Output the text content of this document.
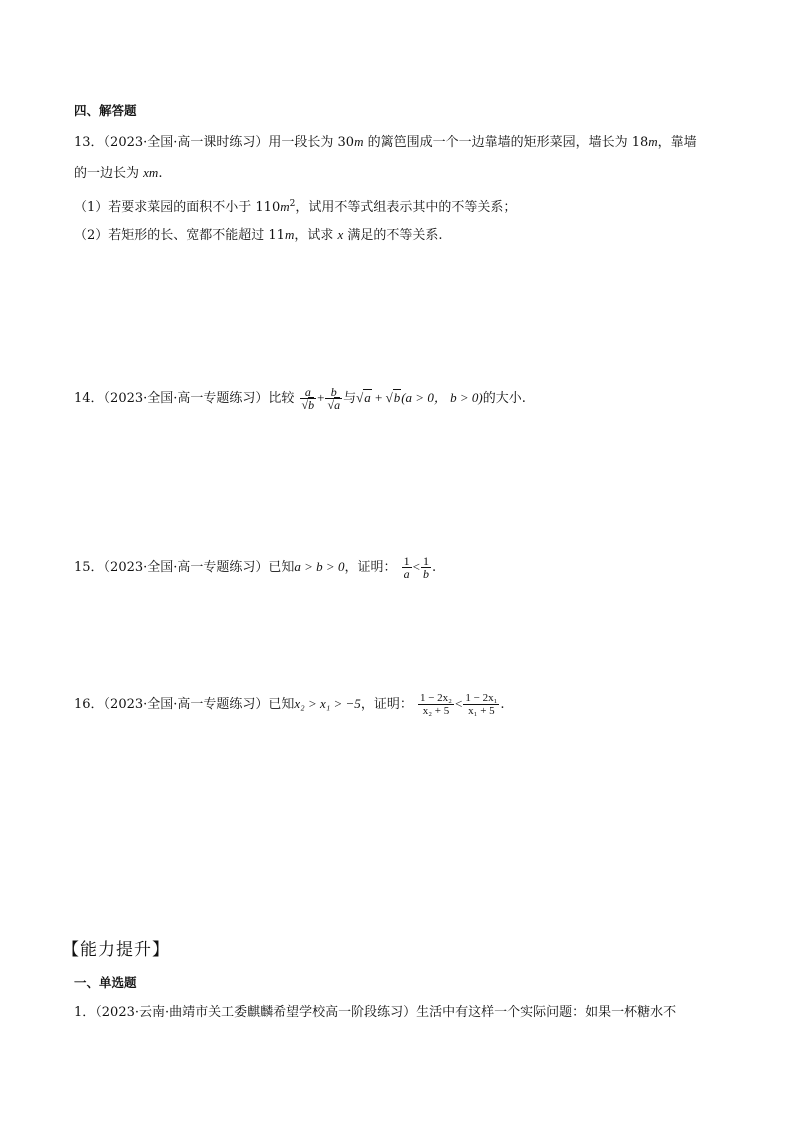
四、解答题
13．（2023·全国·高一课时练习）用一段长为 30m 的篱笆围成一个一边靠墙的矩形菜园，墙长为 18m，靠墙
的一边长为 xm.
（1）若要求菜园的面积不小于 $110m^2$，试用不等式组表示其中的不等关系；
（2）若矩形的长、宽都不能超过 11m，试求 x 满足的不等关系.
14．（2023·全国·高一专题练习）比较 $\frac{a}{√b} + \frac{b}{√a}$ 与√a + √b(a > 0， b > 0)的大小.
15．（2023·全国·高一专题练习）已知a > b > 0，证明： $\frac{1}{a} < \frac{1}{b}$ .
16．（2023·全国·高一专题练习）已知x₂ > x₁ > −5，证明： $\frac{\text{1 − 2x₂}}{\text{x₂ + 5}} < \frac{\text{1 − 2x₁}}{\text{x₁ + 5}}$ .
【能力提升】
一、单选题
1．（2023·云南·曲靖市关工委麒麟希望学校高一阶段练习）生活中有这样一个实际问题：如果一杯糖水不
